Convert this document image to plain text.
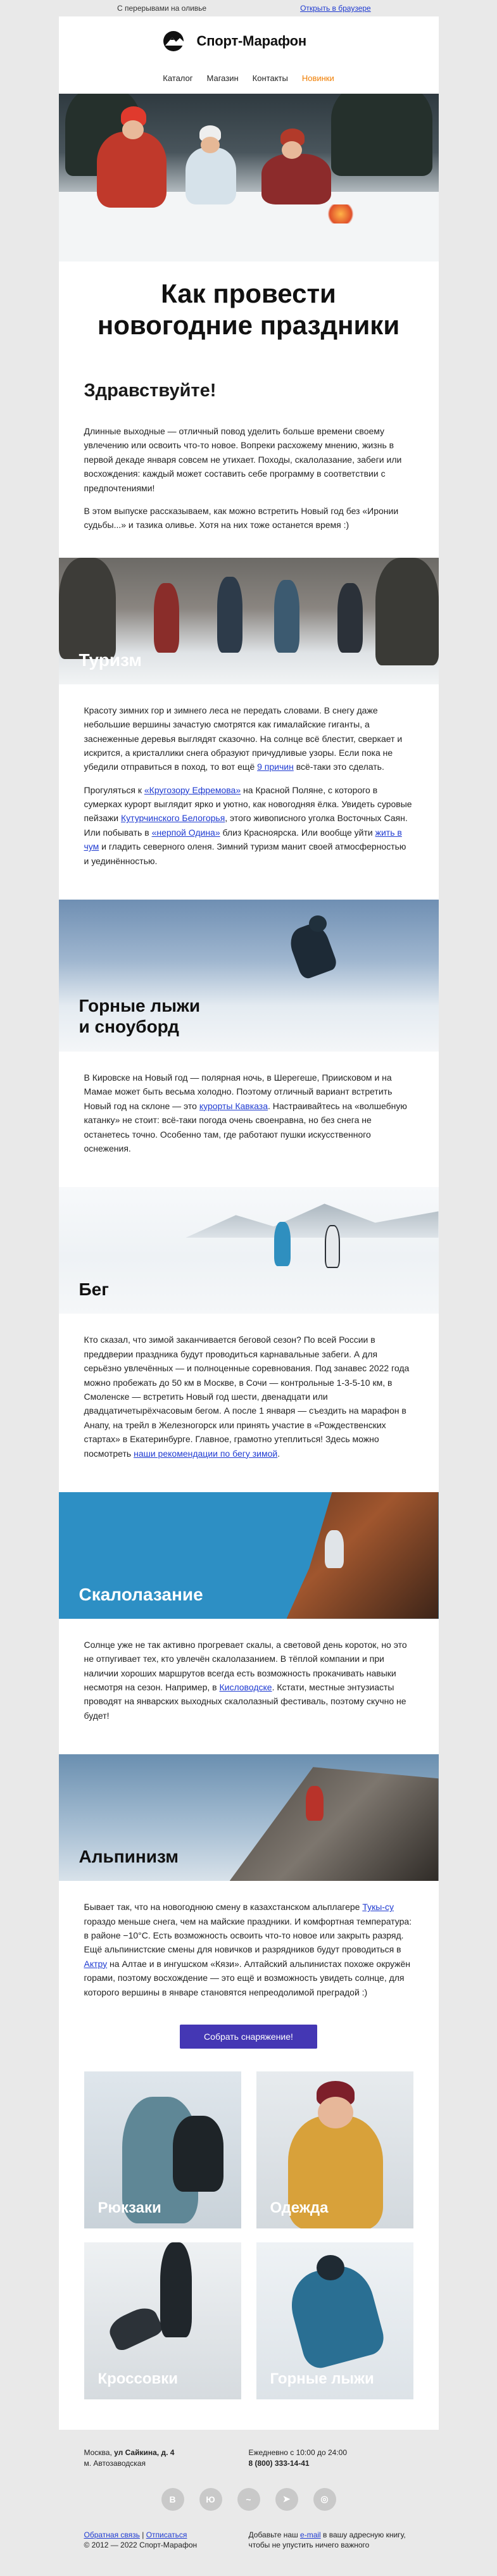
С перерывами на оливье	Открыть в браузере
Спорт-Марафон
Каталог Магазин Контакты Новинки
Как провести
новогодние праздники
Здравствуйте!

Длинные выходные — отличный повод уделить больше времени своему увлечению или освоить что-то новое. Вопреки расхожему мнению, жизнь в первой декаде января совсем не утихает. Походы, скалолазание, забеги или восхождения: каждый может составить себе программу в соответствии с предпочтениями!

В этом выпуске рассказываем, как можно встретить Новый год без «Иронии судьбы...» и тазика оливье. Хотя на них тоже останется время :)

Туризм

Красоту зимних гор и зимнего леса не передать словами. В снегу даже небольшие вершины зачастую смотрятся как гималайские гиганты, а заснеженные деревья выглядят сказочно. На солнце всё блестит, сверкает и искрится, а кристаллики снега образуют причудливые узоры. Если пока не убедили отправиться в поход, то вот ещё 9 причин всё-таки это сделать.

Прогуляться к «Кругозору Ефремова» на Красной Поляне, с которого в сумерках курорт выглядит ярко и уютно, как новогодняя ёлка. Увидеть суровые пейзажи Кутурчинского Белогорья, этого живописного уголка Восточных Саян. Или побывать в «нерпой Одина» близ Красноярска. Или вообще уйти жить в чум и гладить северного оленя. Зимний туризм манит своей атмосферностью и уединённостью.

Горные лыжи
и сноуборд

В Кировске на Новый год — полярная ночь, в Шерегеше, Приисковом и на Мамае может быть весьма холодно. Поэтому отличный вариант встретить Новый год на склоне — это курорты Кавказа. Настраивайтесь на «волшебную катанку» не стоит: всё-таки погода очень своенравна, но без снега не останетесь точно. Особенно там, где работают пушки искусственного оснежения.

Бег

Кто сказал, что зимой заканчивается беговой сезон? По всей России в преддверии праздника будут проводиться карнавальные забеги. А для серьёзно увлечённых — и полноценные соревнования. Под занавес 2022 года можно пробежать до 50 км в Москве, в Сочи — контрольные 1-3-5-10 км, в Смоленске — встретить Новый год шести, двенадцати или двадцатичетырёхчасовым бегом. А после 1 января — съездить на марафон в Анапу, на трейл в Железногорск или принять участие в «Рождественских стартах» в Екатеринбурге. Главное, грамотно утеплиться! Здесь можно посмотреть наши рекомендации по бегу зимой.

Скалолазание

Солнце уже не так активно прогревает скалы, а световой день короток, но это не отпугивает тех, кто увлечён скалолазанием. В тёплой компании и при наличии хороших маршрутов всегда есть возможность прокачивать навыки несмотря на сезон. Например, в Кисловодске. Кстати, местные энтузиасты проводят на январских выходных скалолазный фестиваль, поэтому скучно не будет!

Альпинизм

Бывает так, что на новогоднюю смену в казахстанском альплагере Тукы-су гораздо меньше снега, чем на майские праздники. И комфортная температура: в районе −10°С. Есть возможность освоить что-то новое или закрыть разряд. Ещё альпинистские смены для новичков и разрядников будут проводиться в Актру на Алтае и в ингушском «Кязи». Алтайский альпинистах похоже окружён горами, поэтому восхождение — это ещё и возможность увидеть солнце, для которого вершины в январе становятся непреодолимой преградой :)

Собрать снаряжение!
Рюкзаки	Одежда
Кроссовки	Горные лыжи
Москва, ул Сайкина, д. 4
м. Автозаводская
Ежедневно с 10:00 до 24:00
8 (800) 333-14-41
В	Ю	~	➤	◎
Обратная связь | Отписаться
© 2012 — 2022 Спорт-Марафон
Добавьте наш e-mail в вашу адресную книгу, чтобы не упустить ничего важного
